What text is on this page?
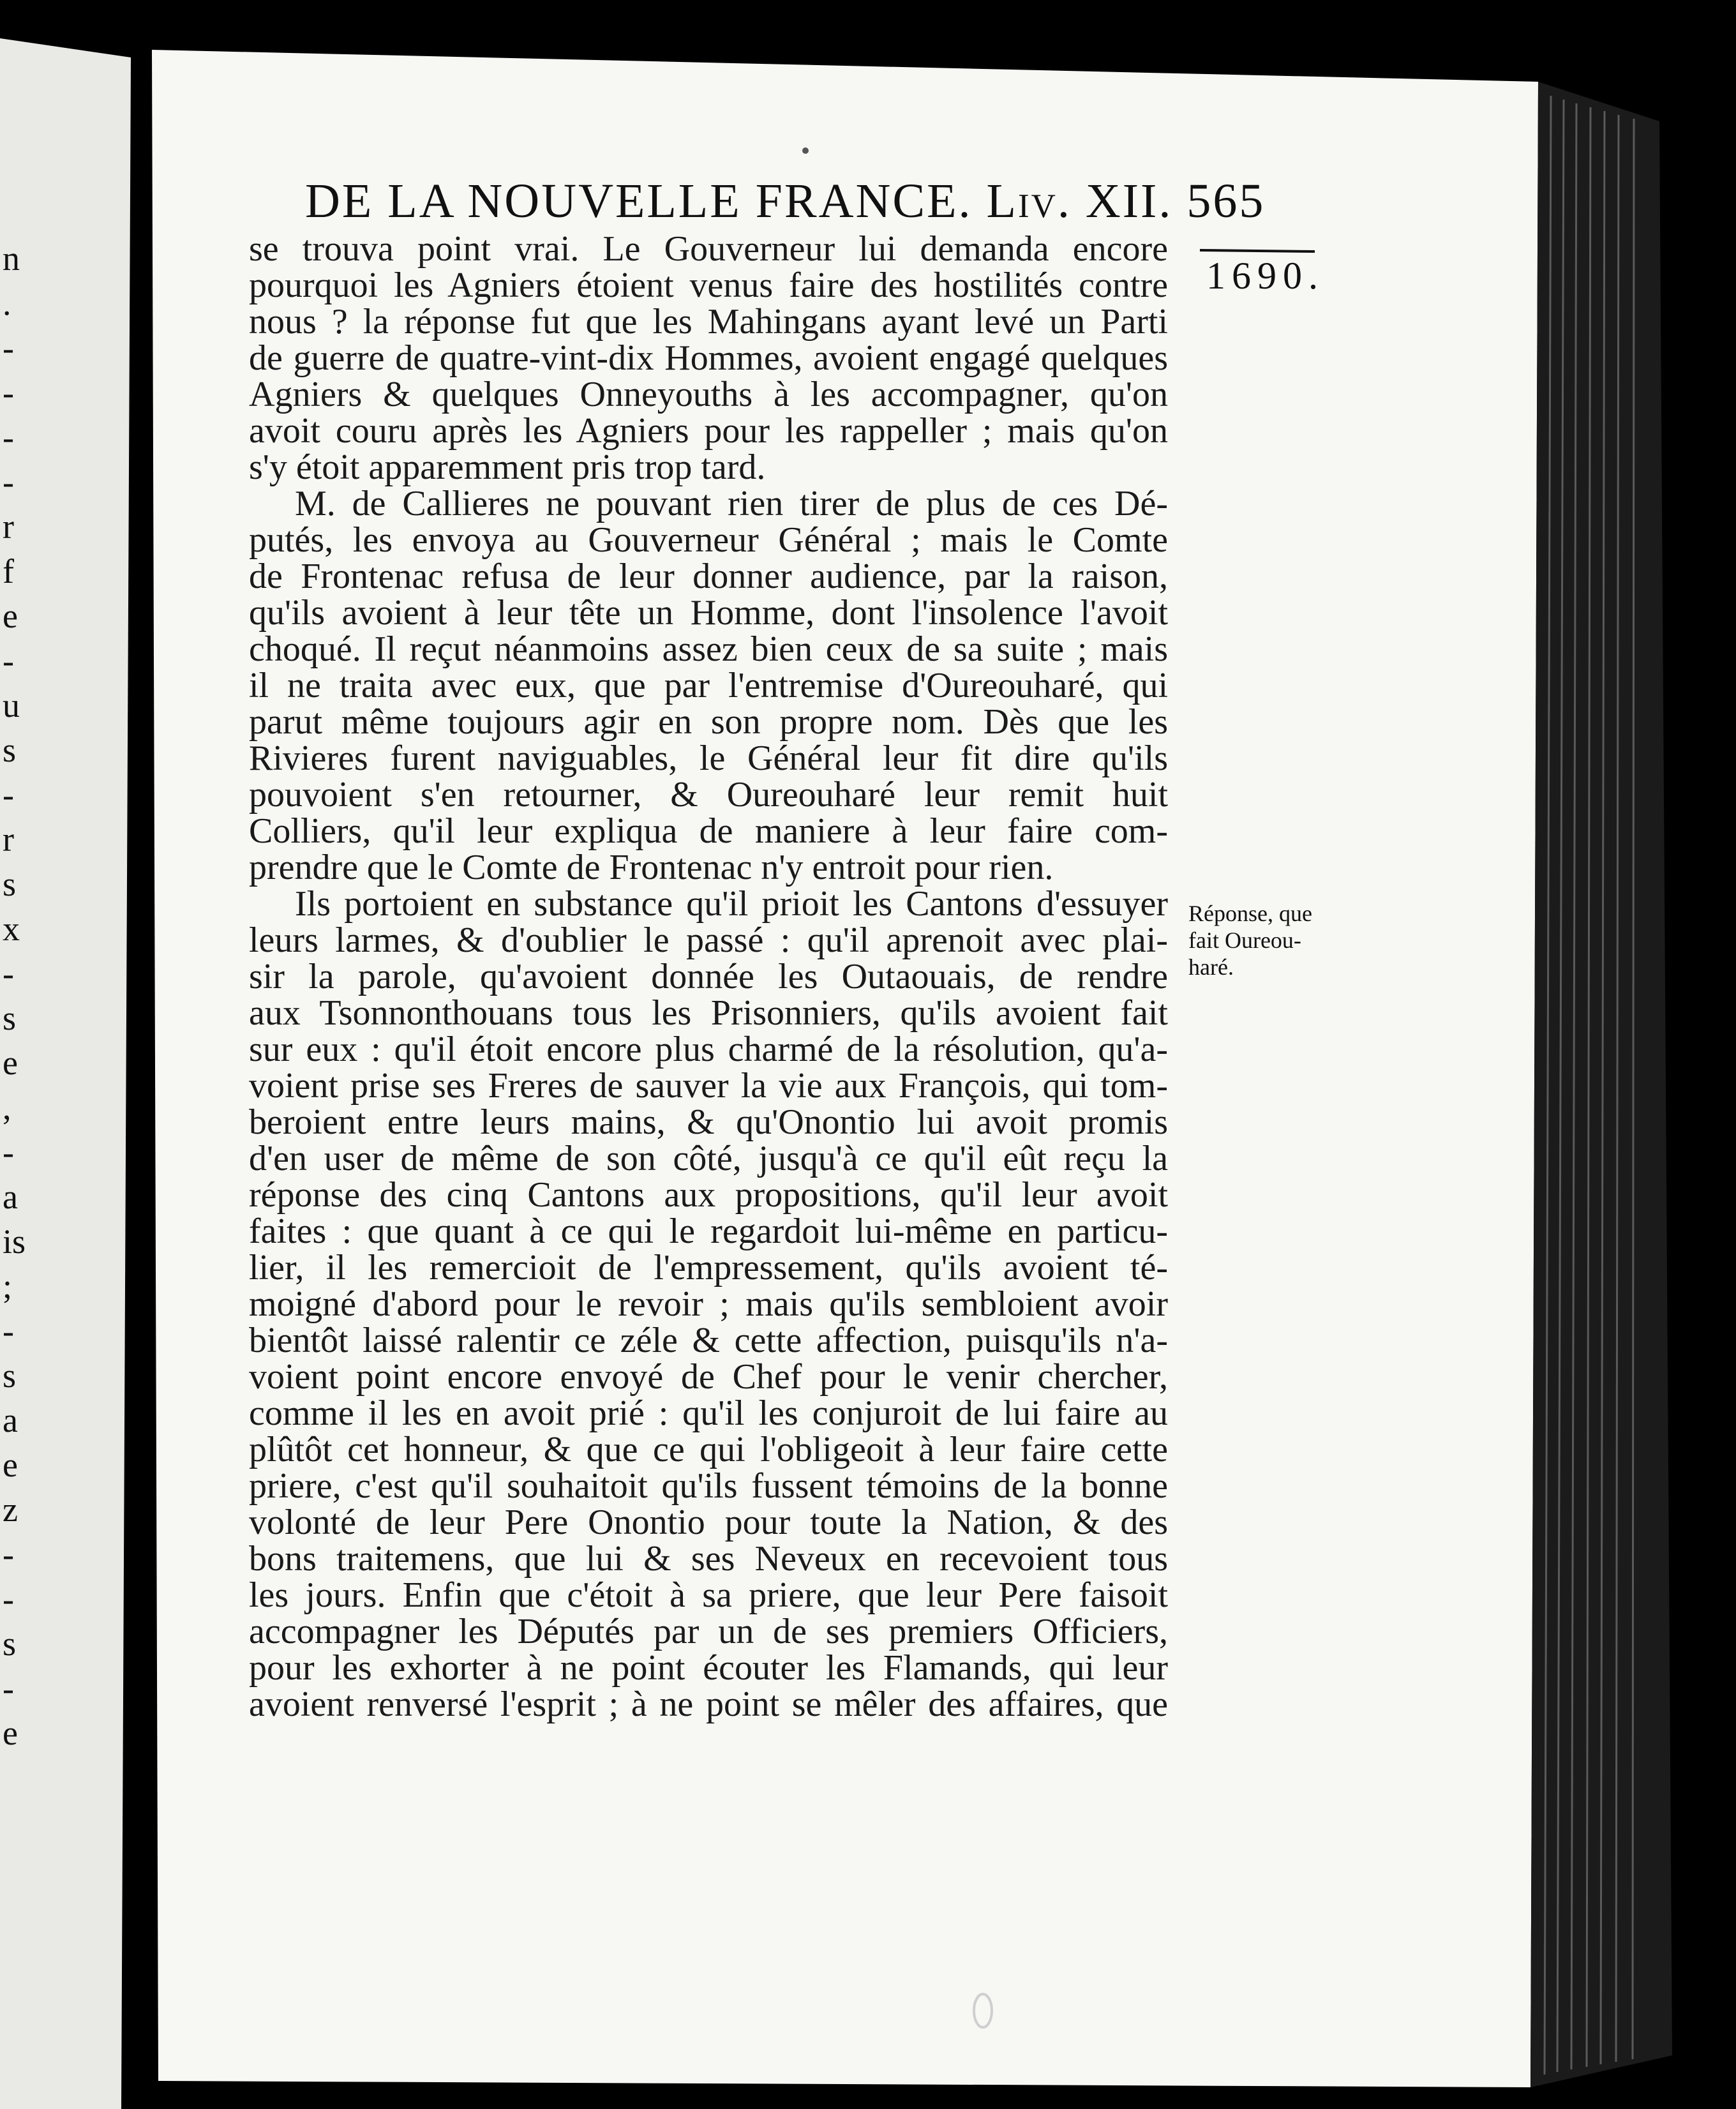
n
.
-
-
-
-
r
f
e
-
u
s
-
r
s
x
-
s
e
,
-
a
is
;
-
s
a
e
z
-
-
s
-
e
DE LA NOUVELLE FRANCE. Liv. XII. 565
1690.
se trouva point vrai. Le Gouverneur lui demanda encore
pourquoi les Agniers étoient venus faire des hostilités contre
nous ? la réponse fut que les Mahingans ayant levé un Parti
de guerre de quatre-vint-dix Hommes, avoient engagé quelques
Agniers & quelques Onneyouths à les accompagner, qu'on
avoit couru après les Agniers pour les rappeller ; mais qu'on
s'y étoit apparemment pris trop tard.
M. de Callieres ne pouvant rien tirer de plus de ces Dé-
putés, les envoya au Gouverneur Général ; mais le Comte
de Frontenac refusa de leur donner audience, par la raison,
qu'ils avoient à leur tête un Homme, dont l'insolence l'avoit
choqué. Il reçut néanmoins assez bien ceux de sa suite ; mais
il ne traita avec eux, que par l'entremise d'Oureouharé, qui
parut même toujours agir en son propre nom. Dès que les
Rivieres furent naviguables, le Général leur fit dire qu'ils
pouvoient s'en retourner, & Oureouharé leur remit huit
Colliers, qu'il leur expliqua de maniere à leur faire com-
prendre que le Comte de Frontenac n'y entroit pour rien.
Ils portoient en substance qu'il prioit les Cantons d'essuyer
leurs larmes, & d'oublier le passé : qu'il aprenoit avec plai-
sir la parole, qu'avoient donnée les Outaouais, de rendre
aux Tsonnonthouans tous les Prisonniers, qu'ils avoient fait
sur eux : qu'il étoit encore plus charmé de la résolution, qu'a-
voient prise ses Freres de sauver la vie aux François, qui tom-
beroient entre leurs mains, & qu'Onontio lui avoit promis
d'en user de même de son côté, jusqu'à ce qu'il eût reçu la
réponse des cinq Cantons aux propositions, qu'il leur avoit
faites : que quant à ce qui le regardoit lui-même en particu-
lier, il les remercioit de l'empressement, qu'ils avoient té-
moigné d'abord pour le revoir ; mais qu'ils sembloient avoir
bientôt laissé ralentir ce zéle & cette affection, puisqu'ils n'a-
voient point encore envoyé de Chef pour le venir chercher,
comme il les en avoit prié : qu'il les conjuroit de lui faire au
plûtôt cet honneur, & que ce qui l'obligeoit à leur faire cette
priere, c'est qu'il souhaitoit qu'ils fussent témoins de la bonne
volonté de leur Pere Onontio pour toute la Nation, & des
bons traitemens, que lui & ses Neveux en recevoient tous
les jours. Enfin que c'étoit à sa priere, que leur Pere faisoit
accompagner les Députés par un de ses premiers Officiers,
pour les exhorter à ne point écouter les Flamands, qui leur
avoient renversé l'esprit ; à ne point se mêler des affaires, que
Réponse, que
fait Oureou-
haré.
